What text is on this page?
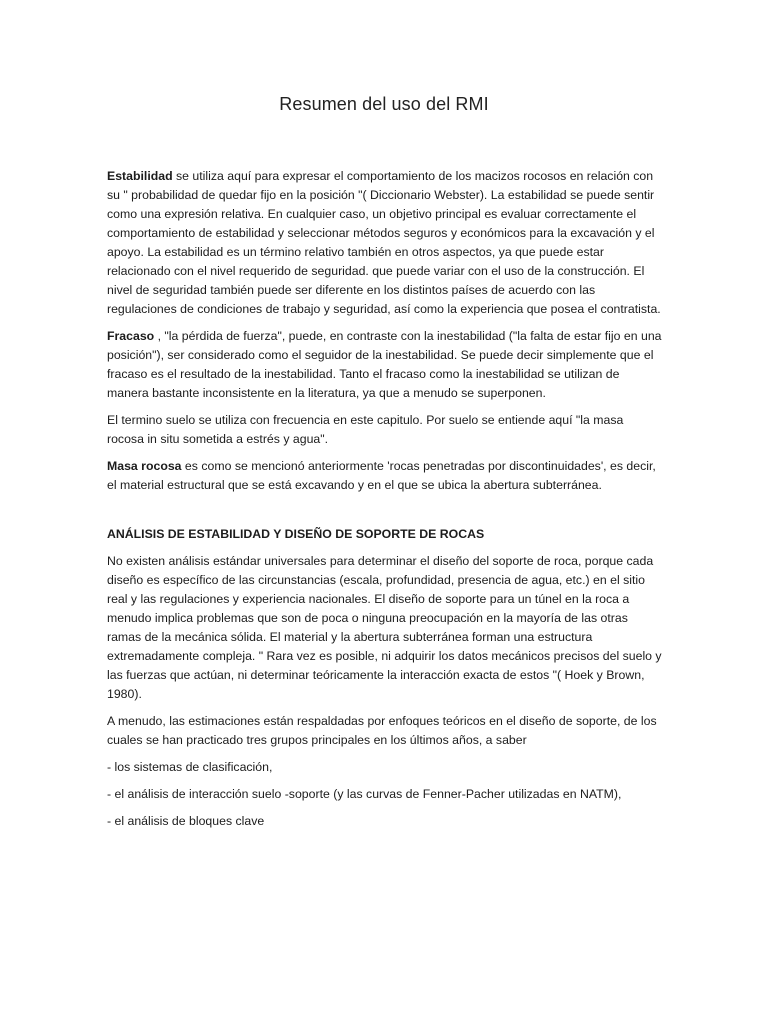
Resumen del uso del RMI

Estabilidad se utiliza aquí para expresar el comportamiento de los macizos rocosos en relación con su " probabilidad de quedar fijo en la posición "( Diccionario Webster). La estabilidad se puede sentir como una expresión relativa. En cualquier caso, un objetivo principal es evaluar correctamente el comportamiento de estabilidad y seleccionar métodos seguros y económicos para la excavación y el apoyo. La estabilidad es un término relativo también en otros aspectos, ya que puede estar relacionado con el nivel requerido de seguridad. que puede variar con el uso de la construcción. El nivel de seguridad también puede ser diferente en los distintos países de acuerdo con las regulaciones de condiciones de trabajo y seguridad, así como la experiencia que posea el contratista.

Fracaso , "la pérdida de fuerza", puede, en contraste con la inestabilidad ("la falta de estar fijo en una posición"), ser considerado como el seguidor de la inestabilidad. Se puede decir simplemente que el fracaso es el resultado de la inestabilidad. Tanto el fracaso como la inestabilidad se utilizan de manera bastante inconsistente en la literatura, ya que a menudo se superponen.

El termino suelo se utiliza con frecuencia en este capitulo. Por suelo se entiende aquí "la masa rocosa in situ sometida a estrés y agua".

Masa rocosa es como se mencionó anteriormente 'rocas penetradas por discontinuidades', es decir, el material estructural que se está excavando y en el que se ubica la abertura subterránea.

ANÁLISIS DE ESTABILIDAD Y DISEÑO DE SOPORTE DE ROCAS

No existen análisis estándar universales para determinar el diseño del soporte de roca, porque cada diseño es específico de las circunstancias (escala, profundidad, presencia de agua, etc.) en el sitio real y las regulaciones y experiencia nacionales. El diseño de soporte para un túnel en la roca a menudo implica problemas que son de poca o ninguna preocupación en la mayoría de las otras ramas de la mecánica sólida. El material y la abertura subterránea forman una estructura extremadamente compleja. " Rara vez es posible, ni adquirir los datos mecánicos precisos del suelo y las fuerzas que actúan, ni determinar teóricamente la interacción exacta de estos "( Hoek y Brown, 1980).

A menudo, las estimaciones están respaldadas por enfoques teóricos en el diseño de soporte, de los cuales se han practicado tres grupos principales en los últimos años, a saber

- los sistemas de clasificación,

- el análisis de interacción suelo -soporte (y las curvas de Fenner-Pacher utilizadas en NATM),

- el análisis de bloques clave
